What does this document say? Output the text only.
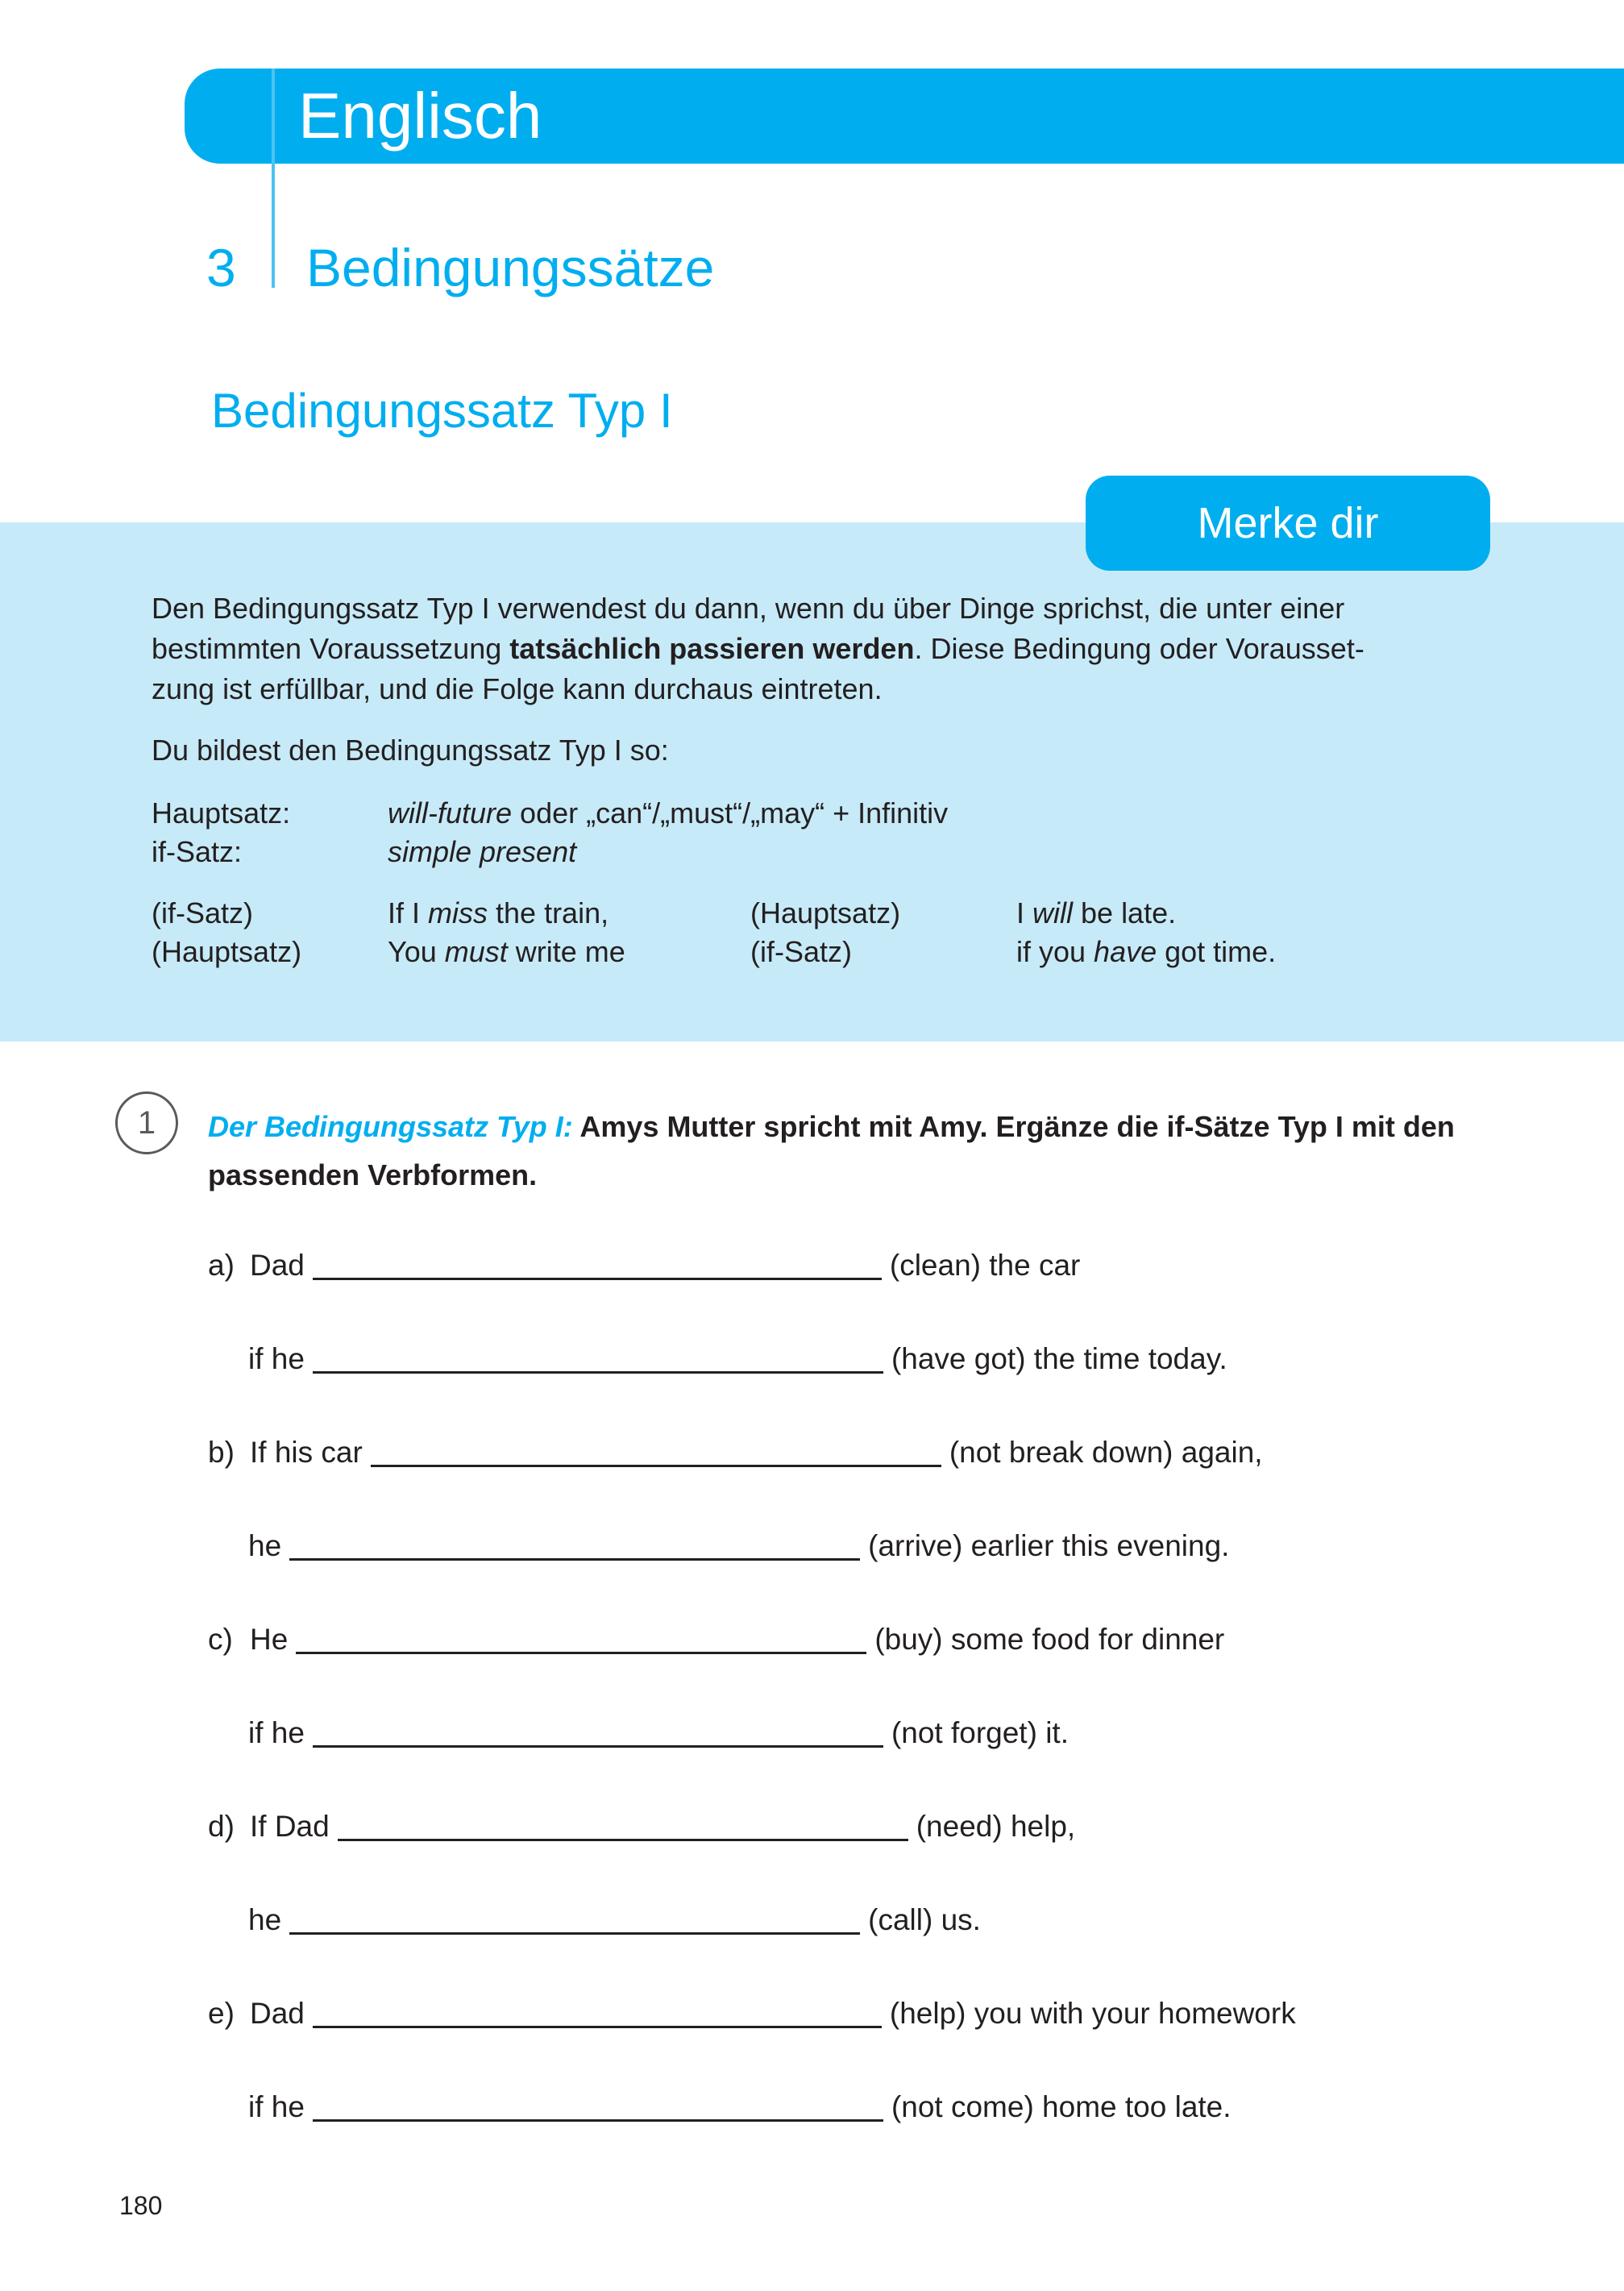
Englisch
3 Bedingungssätze
Bedingungssatz Typ I
Merke dir
Den Bedingungssatz Typ I verwendest du dann, wenn du über Dinge sprichst, die unter einer
bestimmten Voraussetzung tatsächlich passieren werden. Diese Bedingung oder Vorausset-
zung ist erfüllbar, und die Folge kann durchaus eintreten.
Du bildest den Bedingungssatz Typ I so:
Hauptsatz:	will-future oder „can“/„must“/„may“ + Infinitiv
if-Satz:	simple present
(if-Satz)	If I miss the train,	(Hauptsatz)	I will be late.
(Hauptsatz)	You must write me	(if-Satz)	if you have got time.
1	Der Bedingungssatz Typ I: Amys Mutter spricht mit Amy. Ergänze die if-Sätze Typ I mit den passenden Verbformen.
a) Dad	(clean) the car
if he	(have got) the time today.
b) If his car	(not break down) again,
he	(arrive) earlier this evening.
c) He	(buy) some food for dinner
if he	(not forget) it.
d) If Dad	(need) help,
he	(call) us.
e) Dad	(help) you with your homework
if he	(not come) home too late.
180
